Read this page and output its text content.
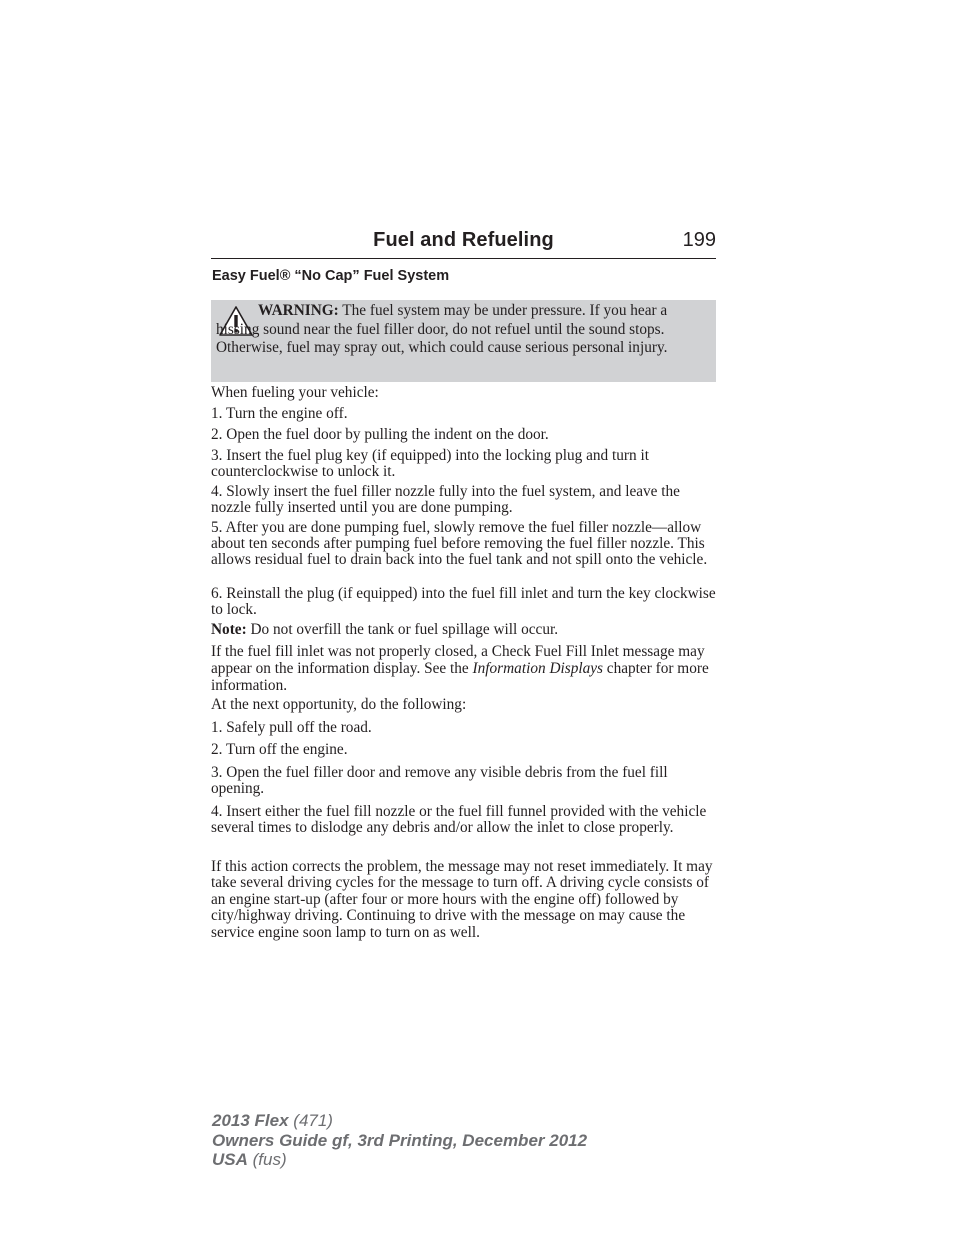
Fuel and Refueling	199
Easy Fuel® “No Cap” Fuel System
WARNING: The fuel system may be under pressure. If you hear a hissing sound near the fuel filler door, do not refuel until the sound stops. Otherwise, fuel may spray out, which could cause serious personal injury.

When fueling your vehicle:

1. Turn the engine off.

2. Open the fuel door by pulling the indent on the door.

3. Insert the fuel plug key (if equipped) into the locking plug and turn it counterclockwise to unlock it.

4. Slowly insert the fuel filler nozzle fully into the fuel system, and leave the nozzle fully inserted until you are done pumping.

5. After you are done pumping fuel, slowly remove the fuel filler nozzle—allow about ten seconds after pumping fuel before removing the fuel filler nozzle. This allows residual fuel to drain back into the fuel tank and not spill onto the vehicle.

6. Reinstall the plug (if equipped) into the fuel fill inlet and turn the key clockwise to lock.

Note: Do not overfill the tank or fuel spillage will occur.

If the fuel fill inlet was not properly closed, a Check Fuel Fill Inlet message may appear on the information display. See the Information Displays chapter for more information.

At the next opportunity, do the following:

1. Safely pull off the road.

2. Turn off the engine.

3. Open the fuel filler door and remove any visible debris from the fuel fill opening.

4. Insert either the fuel fill nozzle or the fuel fill funnel provided with the vehicle several times to dislodge any debris and/or allow the inlet to close properly.

If this action corrects the problem, the message may not reset immediately. It may take several driving cycles for the message to turn off. A driving cycle consists of an engine start-up (after four or more hours with the engine off) followed by city/highway driving. Continuing to drive with the message on may cause the service engine soon lamp to turn on as well.

2013 Flex (471)
Owners Guide gf, 3rd Printing, December 2012
USA (fus)
